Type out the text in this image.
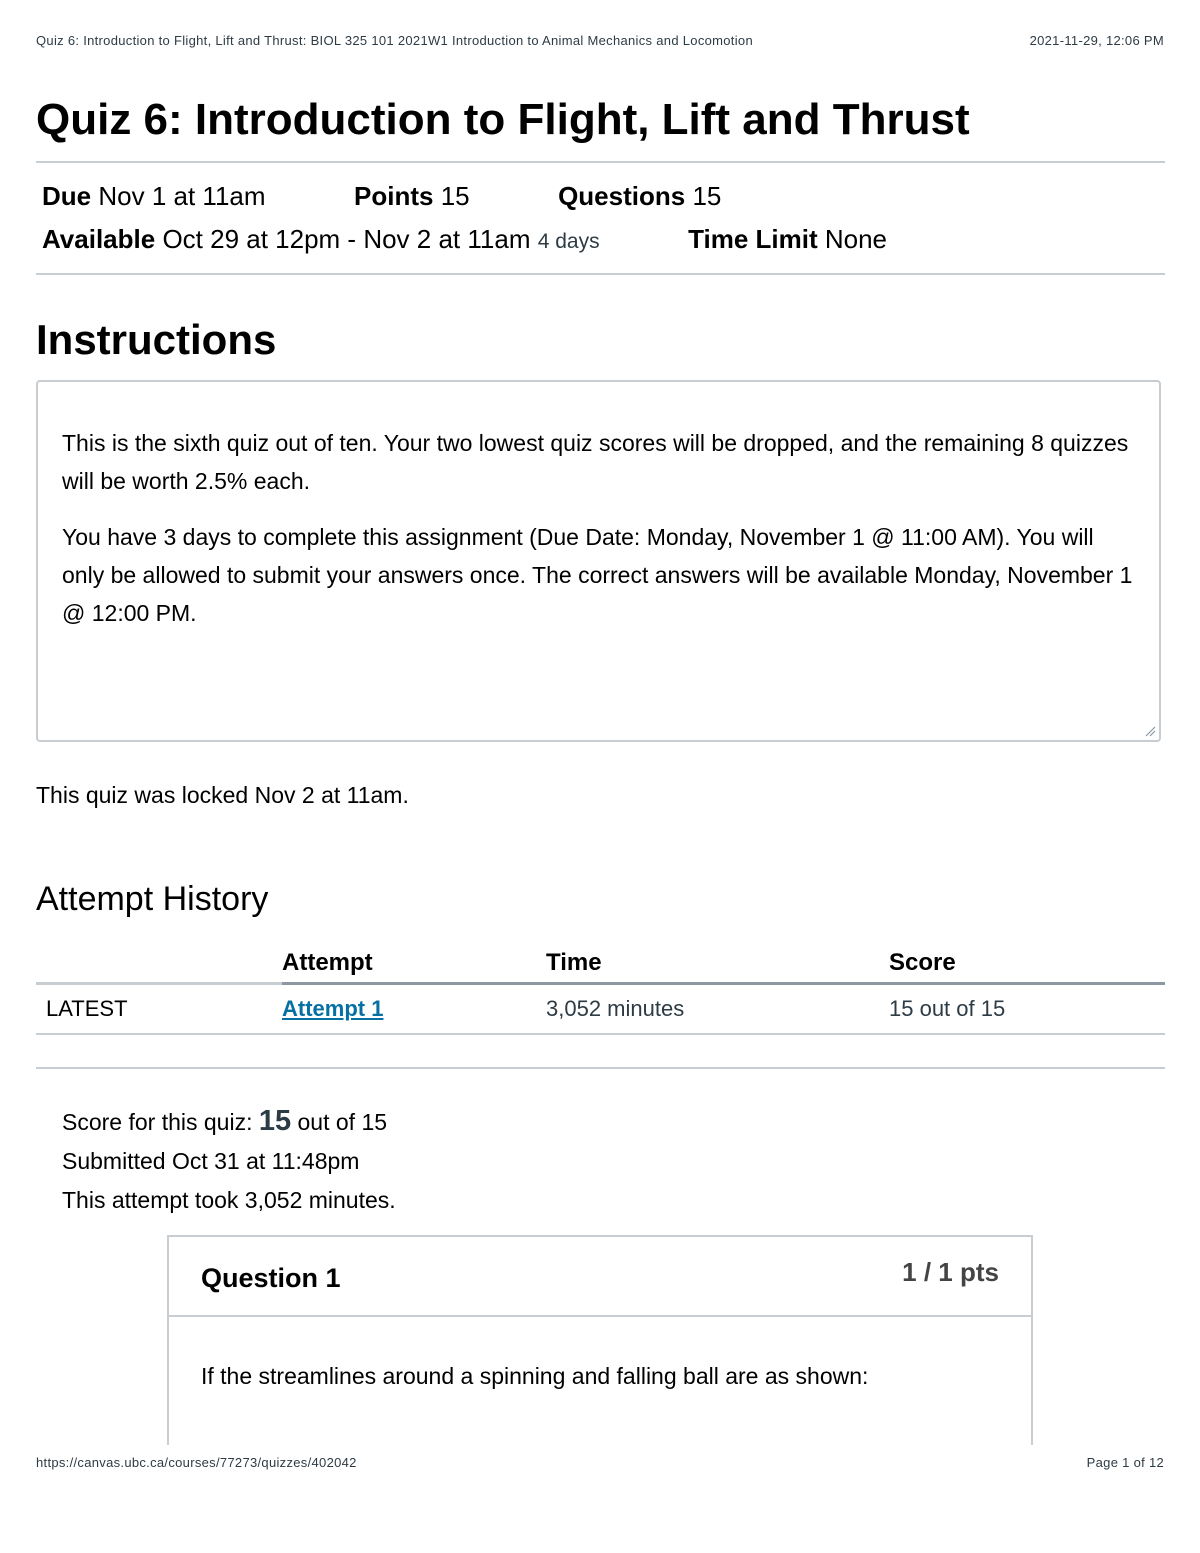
Quiz 6: Introduction to Flight, Lift and Thrust: BIOL 325 101 2021W1 Introduction to Animal Mechanics and Locomotion	2021-11-29, 12:06 PM
Quiz 6: Introduction to Flight, Lift and Thrust
Due Nov 1 at 11am	Points 15	Questions 15
Available Oct 29 at 12pm - Nov 2 at 11am 4 days	Time Limit None
Instructions

This is the sixth quiz out of ten. Your two lowest quiz scores will be dropped, and the remaining 8 quizzes will be worth 2.5% each.

You have 3 days to complete this assignment (Due Date: Monday, November 1 @ 11:00 AM). You will only be allowed to submit your answers once. The correct answers will be available Monday, November 1 @ 12:00 PM.

This quiz was locked Nov 2 at 11am.
Attempt History
	Attempt	Time	Score
LATEST	Attempt 1	3,052 minutes	15 out of 15
Score for this quiz: 15 out of 15
Submitted Oct 31 at 11:48pm
This attempt took 3,052 minutes.
Question 1	1 / 1 pts
If the streamlines around a spinning and falling ball are as shown:
https://canvas.ubc.ca/courses/77273/quizzes/402042	Page 1 of 12
